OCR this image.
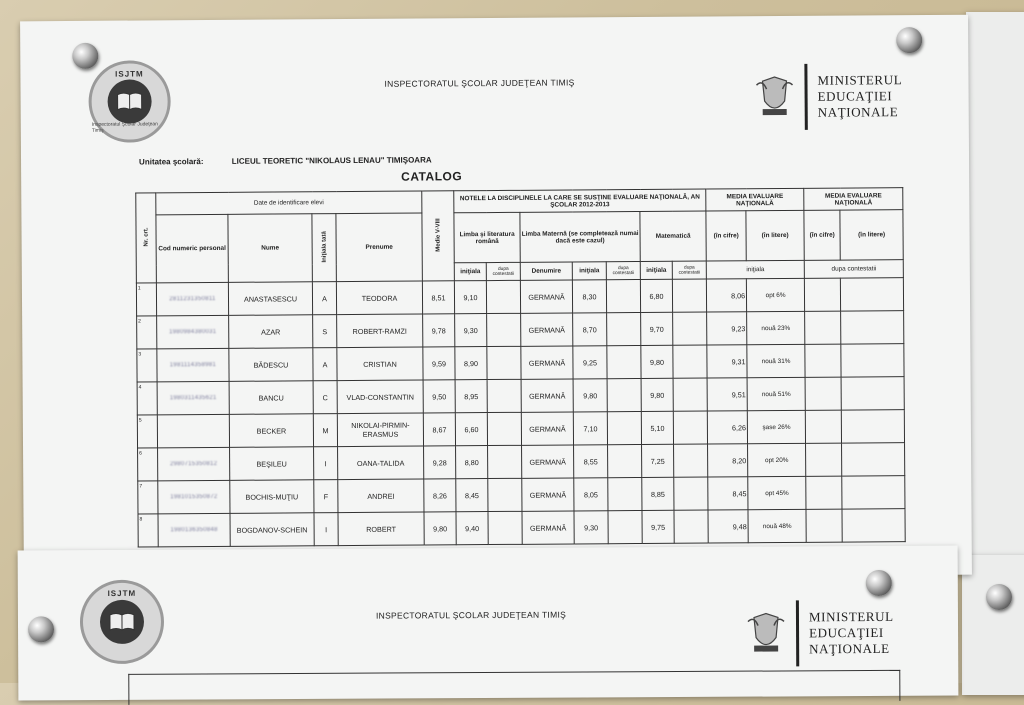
ISJTM
Inspectoratul Şcolar Judeţean Timiş
INSPECTORATUL ŞCOLAR JUDEŢEAN TIMIŞ	MINISTERUL
EDUCAŢIEI
NAŢIONALE
Unitatea şcolară:	LICEUL TEORETIC "NIKOLAUS LENAU" TIMIŞOARA
CATALOG
Nr. crt.	Date de identificare elevi				Medie V-VIII	NOTELE LA DISCIPLINELE LA CARE SE SUSŢINE EVALUARE NAŢIONALĂ, AN ŞCOLAR 2012-2013							MEDIA EVALUARE NAŢIONALĂ		MEDIA EVALUARE NAŢIONALĂ	
	Cod numeric personal	Nume	Iniţiala tată	Prenume		Limba şi literatura română		Limba Maternă (se completează numai dacă este cazul)			Matematică		(în cifre)	(în litere)	(în cifre)	(în litere)
						iniţiala	dupa contestatii	Denumire	iniţiala	dupa contestatii	iniţiala	dupa contestatii	iniţiala		dupa contestatii	
1	2811231350811	ANASTASESCU	A	TEODORA	8,51	9,10		GERMANĂ	8,30		6,80		8,06	opt 6%		
2	1980984380031	AZAR	S	ROBERT-RAMZI	9,78	9,30		GERMANĂ	8,70		9,70		9,23	nouă 23%		
3	1981114358981	BĂDESCU	A	CRISTIAN	9,59	8,90		GERMANĂ	9,25		9,80		9,31	nouă 31%		
4	1980311435621	BANCU	C	VLAD-CONSTANTIN	9,50	8,95		GERMANĂ	9,80		9,80		9,51	nouă 51%		
5		BECKER	M	NIKOLAI-PIRMIN-ERASMUS	8,67	6,60		GERMANĂ	7,10		5,10		6,26	şase 26%		
6	2980715350812	BEŞILEU	I	OANA-TALIDA	9,28	8,80		GERMANĂ	8,55		7,25		8,20	opt 20%		
7	1981015350872	BOCHIS-MUŢIU	F	ANDREI	8,26	8,45		GERMANĂ	8,05		8,85		8,45	opt 45%		
8	1980136350848	BOGDANOV-SCHEIN	I	ROBERT	9,80	9,40		GERMANĂ	9,30		9,75		9,48	nouă 48%		
ISJTM
INSPECTORATUL ŞCOLAR JUDEŢEAN TIMIŞ	MINISTERUL
EDUCAŢIEI
NAŢIONALE
